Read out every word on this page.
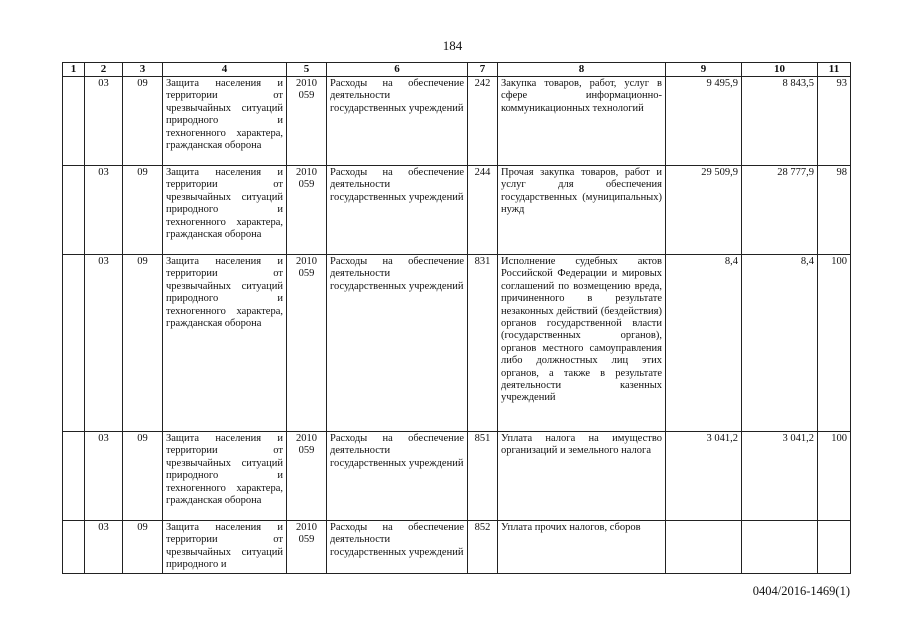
184
1	2	3	4	5	6	7	8	9	10	11
	03	09	Защита населения и территории от чрезвычайных ситуаций природного и техногенного характера, гражданская оборона	2010 059	Расходы на обеспечение деятельности государственных учреждений	242	Закупка товаров, работ, услуг в сфере информационно-коммуникационных технологий	9 495,9	8 843,5	93
	03	09	Защита населения и территории от чрезвычайных ситуаций природного и техногенного характера, гражданская оборона	2010 059	Расходы на обеспечение деятельности государственных учреждений	244	Прочая закупка товаров, работ и услуг для обеспечения государственных (муниципальных) нужд	29 509,9	28 777,9	98
	03	09	Защита населения и территории от чрезвычайных ситуаций природного и техногенного характера, гражданская оборона	2010 059	Расходы на обеспечение деятельности государственных учреждений	831	Исполнение судебных актов Российской Федерации и мировых соглашений по возмещению вреда, причиненного в результате незаконных действий (бездействия) органов государственной власти (государственных органов), органов местного самоуправления либо должностных лиц этих органов, а также в результате деятельности казенных учреждений	8,4	8,4	100
	03	09	Защита населения и территории от чрезвычайных ситуаций природного и техногенного характера, гражданская оборона	2010 059	Расходы на обеспечение деятельности государственных учреждений	851	Уплата налога на имущество организаций и земельного налога	3 041,2	3 041,2	100
	03	09	Защита населения и территории от чрезвычайных ситуаций природного и	2010 059	Расходы на обеспечение деятельности государственных учреждений	852	Уплата прочих налогов, сборов			
0404/2016-1469(1)
